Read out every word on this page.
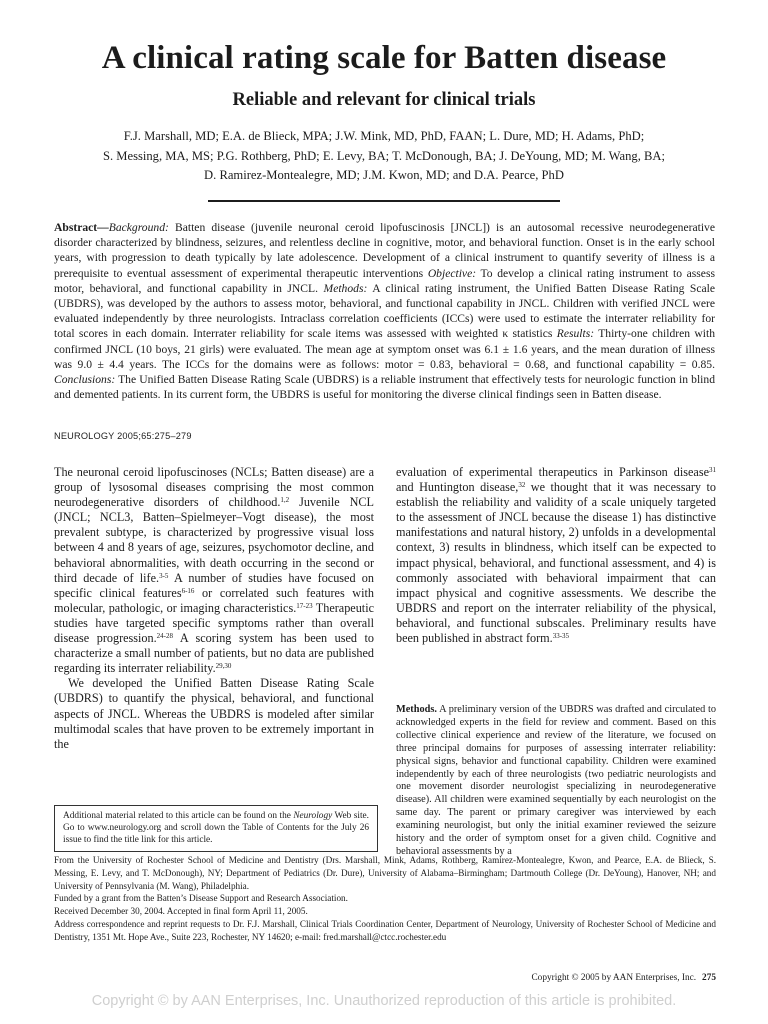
A clinical rating scale for Batten disease
Reliable and relevant for clinical trials
F.J. Marshall, MD; E.A. de Blieck, MPA; J.W. Mink, MD, PhD, FAAN; L. Dure, MD; H. Adams, PhD;
S. Messing, MA, MS; P.G. Rothberg, PhD; E. Levy, BA; T. McDonough, BA; J. DeYoung, MD; M. Wang, BA;
D. Ramirez-Montealegre, MD; J.M. Kwon, MD; and D.A. Pearce, PhD
Abstract—Background: Batten disease (juvenile neuronal ceroid lipofuscinosis [JNCL]) is an autosomal recessive neurodegenerative disorder characterized by blindness, seizures, and relentless decline in cognitive, motor, and behavioral function. Onset is in the early school years, with progression to death typically by late adolescence. Development of a clinical instrument to quantify severity of illness is a prerequisite to eventual assessment of experimental therapeutic interventions Objective: To develop a clinical rating instrument to assess motor, behavioral, and functional capability in JNCL. Methods: A clinical rating instrument, the Unified Batten Disease Rating Scale (UBDRS), was developed by the authors to assess motor, behavioral, and functional capability in JNCL. Children with verified JNCL were evaluated independently by three neurologists. Intraclass correlation coefficients (ICCs) were used to estimate the interrater reliability for total scores in each domain. Interrater reliability for scale items was assessed with weighted κ statistics Results: Thirty-one children with confirmed JNCL (10 boys, 21 girls) were evaluated. The mean age at symptom onset was 6.1 ± 1.6 years, and the mean duration of illness was 9.0 ± 4.4 years. The ICCs for the domains were as follows: motor = 0.83, behavioral = 0.68, and functional capability = 0.85. Conclusions: The Unified Batten Disease Rating Scale (UBDRS) is a reliable instrument that effectively tests for neurologic function in blind and demented patients. In its current form, the UBDRS is useful for monitoring the diverse clinical findings seen in Batten disease.
NEUROLOGY 2005;65:275–279

The neuronal ceroid lipofuscinoses (NCLs; Batten disease) are a group of lysosomal diseases comprising the most common neurodegenerative disorders of childhood.$^{1,2}$ Juvenile NCL (JNCL; NCL3, Batten–Spielmeyer–Vogt disease), the most prevalent subtype, is characterized by progressive visual loss between 4 and 8 years of age, seizures, psychomotor decline, and behavioral abnormalities, with death occurring in the second or third decade of life.$^{3-5}$ A number of studies have focused on specific clinical features$^{6-16}$ or correlated such features with molecular, pathologic, or imaging characteristics.$^{17-23}$ Therapeutic studies have targeted specific symptoms rather than overall disease progression.$^{24-28}$ A scoring system has been used to characterize a small number of patients, but no data are published regarding its interrater reliability.$^{29,30}$

We developed the Unified Batten Disease Rating Scale (UBDRS) to quantify the physical, behavioral, and functional aspects of JNCL. Whereas the UBDRS is modeled after similar multimodal scales that have proven to be extremely important in the

Additional material related to this article can be found on the Neurology Web site. Go to www.neurology.org and scroll down the Table of Contents for the July 26 issue to find the title link for this article.

evaluation of experimental therapeutics in Parkinson disease$^{31}$ and Huntington disease,$^{32}$ we thought that it was necessary to establish the reliability and validity of a scale uniquely targeted to the assessment of JNCL because the disease 1) has distinctive manifestations and natural history, 2) unfolds in a developmental context, 3) results in blindness, which itself can be expected to impact physical, behavioral, and functional assessment, and 4) is commonly associated with behavioral impairment that can impact physical and cognitive assessments. We describe the UBDRS and report on the interrater reliability of the physical, behavioral, and functional subscales. Preliminary results have been published in abstract form.$^{33-35}$

Methods. A preliminary version of the UBDRS was drafted and circulated to acknowledged experts in the field for review and comment. Based on this collective clinical experience and review of the literature, we focused on three principal domains for purposes of assessing interrater reliability: physical signs, behavior and functional capability. Children were examined independently by each of three neurologists (two pediatric neurologists and one movement disorder neurologist specializing in neurodegenerative disease). All children were examined sequentially by each neurologist on the same day. The parent or primary caregiver was interviewed by each examining neurologist, but only the initial examiner reviewed the seizure history and the order of symptom onset for a given child. Cognitive and behavioral assessments by a

From the University of Rochester School of Medicine and Dentistry (Drs. Marshall, Mink, Adams, Rothberg, Ramirez-Montealegre, Kwon, and Pearce, E.A. de Blieck, S. Messing, E. Levy, and T. McDonough), NY; Department of Pediatrics (Dr. Dure), University of Alabama–Birmingham; Dartmouth College (Dr. DeYoung), Hanover, NH; and University of Pennsylvania (M. Wang), Philadelphia.

Funded by a grant from the Batten’s Disease Support and Research Association.

Received December 30, 2004. Accepted in final form April 11, 2005.

Address correspondence and reprint requests to Dr. F.J. Marshall, Clinical Trials Coordination Center, Department of Neurology, University of Rochester School of Medicine and Dentistry, 1351 Mt. Hope Ave., Suite 223, Rochester, NY 14620; e-mail: fred.marshall@ctcc.rochester.edu

Copyright © 2005 by AAN Enterprises, Inc. 275
Copyright © by AAN Enterprises, Inc. Unauthorized reproduction of this article is prohibited.
